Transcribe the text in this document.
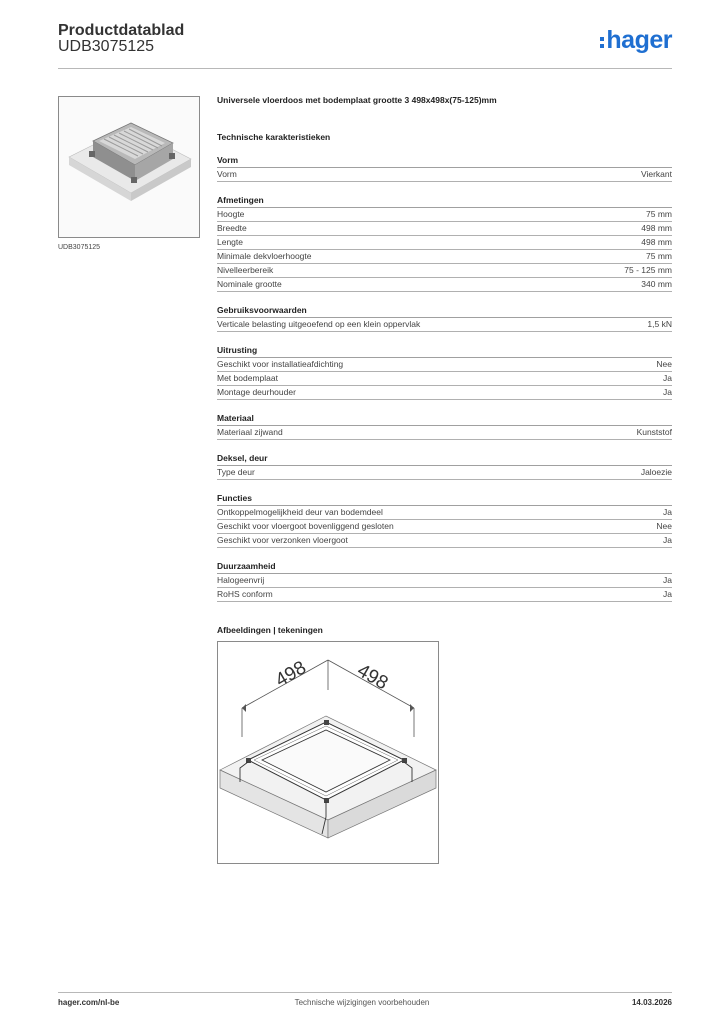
Productdatablad
UDB3075125	hager
UDB3075125

Universele vloerdoos met bodemplaat grootte 3 498x498x(75-125)mm

Technische karakteristieken
Vorm
Vorm	Vierkant
Afmetingen
Hoogte	75 mm
Breedte	498 mm
Lengte	498 mm
Minimale dekvloerhoogte	75 mm
Nivelleerbereik	75 - 125 mm
Nominale grootte	340 mm
Gebruiksvoorwaarden
Verticale belasting uitgeoefend op een klein oppervlak	1,5 kN
Uitrusting
Geschikt voor installatieafdichting	Nee
Met bodemplaat	Ja
Montage deurhouder	Ja
Materiaal
Materiaal zijwand	Kunststof
Deksel, deur
Type deur	Jaloezie
Functies
Ontkoppelmogelijkheid deur van bodemdeel	Ja
Geschikt voor vloergoot bovenliggend gesloten	Nee
Geschikt voor verzonken vloergoot	Ja
Duurzaamheid
Halogeenvrij	Ja
RoHS conform	Ja
Afbeeldingen | tekeningen
498 498
hager.com/nl-be	Technische wijzigingen voorbehouden	14.03.2026
